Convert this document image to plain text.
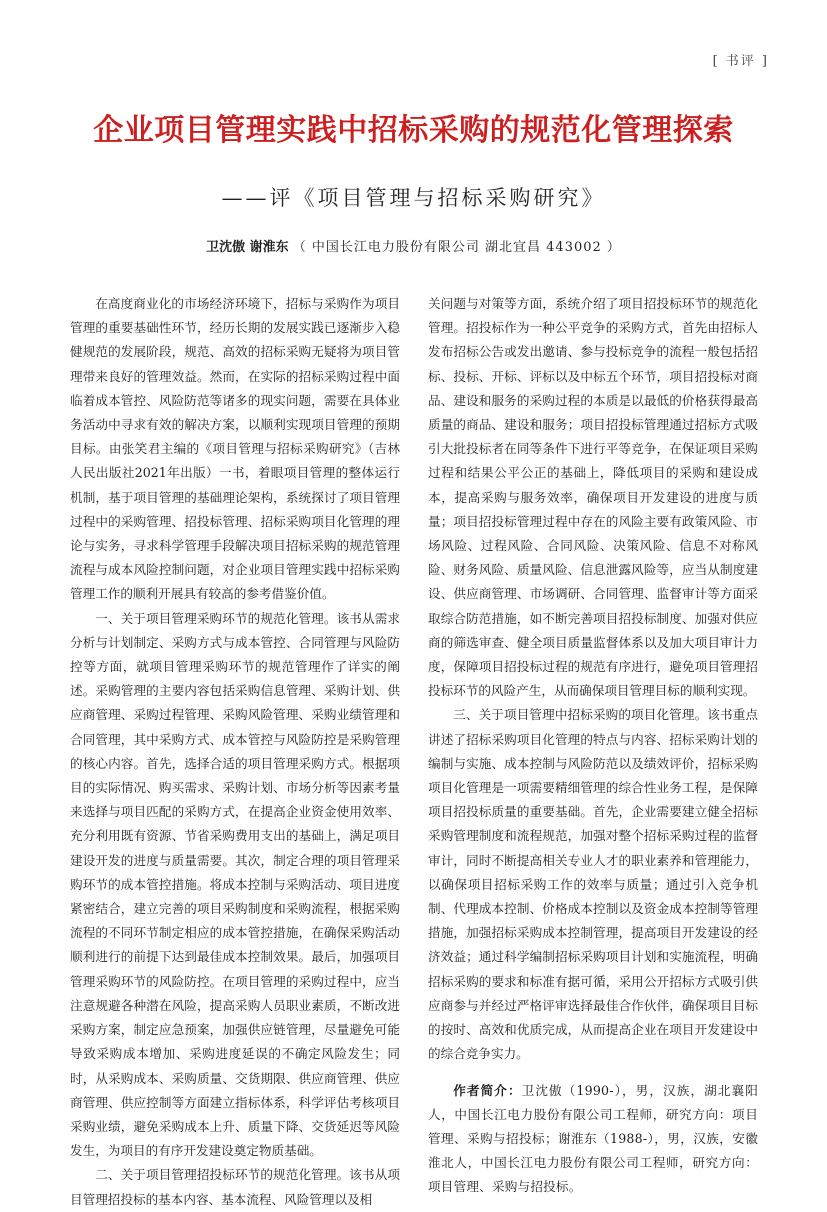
[ 书评 ]
企业项目管理实践中招标采购的规范化管理探索
——评《项目管理与招标采购研究》
卫沈傲 谢淮东 （ 中国长江电力股份有限公司 湖北宜昌 443002 ）

在高度商业化的市场经济环境下，招标与采购作为项目管理的重要基础性环节，经历长期的发展实践已逐渐步入稳健规范的发展阶段，规范、高效的招标采购无疑将为项目管理带来良好的管理效益。然而，在实际的招标采购过程中面临着成本管控、风险防范等诸多的现实问题，需要在具体业务活动中寻求有效的解决方案，以顺利实现项目管理的预期目标。由张笑君主编的《项目管理与招标采购研究》（吉林人民出版社2021年出版）一书，着眼项目管理的整体运行机制，基于项目管理的基础理论架构，系统探讨了项目管理过程中的采购管理、招投标管理、招标采购项目化管理的理论与实务，寻求科学管理手段解决项目招标采购的规范管理流程与成本风险控制问题，对企业项目管理实践中招标采购管理工作的顺利开展具有较高的参考借鉴价值。

一、关于项目管理采购环节的规范化管理。该书从需求分析与计划制定、采购方式与成本管控、合同管理与风险防控等方面，就项目管理采购环节的规范管理作了详实的阐述。采购管理的主要内容包括采购信息管理、采购计划、供应商管理、采购过程管理、采购风险管理、采购业绩管理和合同管理，其中采购方式、成本管控与风险防控是采购管理的核心内容。首先，选择合适的项目管理采购方式。根据项目的实际情况、购买需求、采购计划、市场分析等因素考量来选择与项目匹配的采购方式，在提高企业资金使用效率、充分利用既有资源、节省采购费用支出的基础上，满足项目建设开发的进度与质量需要。其次，制定合理的项目管理采购环节的成本管控措施。将成本控制与采购活动、项目进度紧密结合，建立完善的项目采购制度和采购流程，根据采购流程的不同环节制定相应的成本管控措施，在确保采购活动顺利进行的前提下达到最佳成本控制效果。最后，加强项目管理采购环节的风险防控。在项目管理的采购过程中，应当注意规避各种潜在风险，提高采购人员职业素质，不断改进采购方案，制定应急预案，加强供应链管理，尽量避免可能导致采购成本增加、采购进度延误的不确定风险发生；同时，从采购成本、采购质量、交货期限、供应商管理、供应商管理、供应控制等方面建立指标体系，科学评估考核项目采购业绩，避免采购成本上升、质量下降、交货延迟等风险发生，为项目的有序开发建设奠定物质基础。

二、关于项目管理招投标环节的规范化管理。该书从项目管理招投标的基本内容、基本流程、风险管理以及相

关问题与对策等方面，系统介绍了项目招投标环节的规范化管理。招投标作为一种公平竞争的采购方式，首先由招标人发布招标公告或发出邀请、参与投标竞争的流程一般包括招标、投标、开标、评标以及中标五个环节，项目招投标对商品、建设和服务的采购过程的本质是以最低的价格获得最高质量的商品、建设和服务；项目招投标管理通过招标方式吸引大批投标者在同等条件下进行平等竞争，在保证项目采购过程和结果公平公正的基础上，降低项目的采购和建设成本，提高采购与服务效率，确保项目开发建设的进度与质量；项目招投标管理过程中存在的风险主要有政策风险、市场风险、过程风险、合同风险、决策风险、信息不对称风险、财务风险、质量风险、信息泄露风险等，应当从制度建设、供应商管理、市场调研、合同管理、监督审计等方面采取综合防范措施，如不断完善项目招投标制度、加强对供应商的筛选审查、健全项目质量监督体系以及加大项目审计力度，保障项目招投标过程的规范有序进行，避免项目管理招投标环节的风险产生，从而确保项目管理目标的顺利实现。

三、关于项目管理中招标采购的项目化管理。该书重点讲述了招标采购项目化管理的特点与内容、招标采购计划的编制与实施、成本控制与风险防范以及绩效评价，招标采购项目化管理是一项需要精细管理的综合性业务工程，是保障项目招投标质量的重要基础。首先，企业需要建立健全招标采购管理制度和流程规范，加强对整个招标采购过程的监督审计，同时不断提高相关专业人才的职业素养和管理能力，以确保项目招标采购工作的效率与质量；通过引入竞争机制、代理成本控制、价格成本控制以及资金成本控制等管理措施，加强招标采购成本控制管理，提高项目开发建设的经济效益；通过科学编制招标采购项目计划和实施流程，明确招标采购的要求和标准有据可循，采用公开招标方式吸引供应商参与并经过严格评审选择最佳合作伙伴，确保项目目标的按时、高效和优质完成，从而提高企业在项目开发建设中的综合竞争实力。

作者简介：卫沈傲（1990-），男，汉族，湖北襄阳人，中国长江电力股份有限公司工程师，研究方向：项目管理、采购与招投标；谢淮东（1988-），男，汉族，安徽淮北人，中国长江电力股份有限公司工程师，研究方向：项目管理、采购与招投标。
